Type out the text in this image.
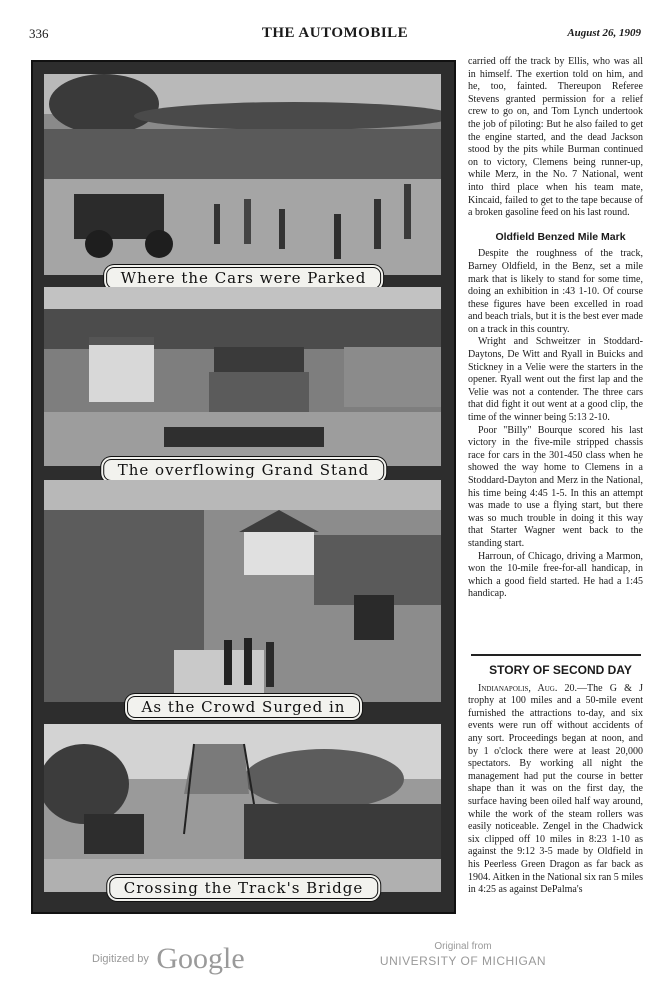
336	THE AUTOMOBILE	August 26, 1909
Where the Cars were Parked
The overflowing Grand Stand
As the Crowd Surged in
Crossing the Track's Bridge

carried off the track by Ellis, who was all in himself. The exertion told on him, and he, too, fainted. Thereupon Referee Stevens granted permission for a relief crew to go on, and Tom Lynch undertook the job of piloting: But he also failed to get the engine started, and the dead Jackson stood by the pits while Burman continued on to victory, Clemens being runner-up, while Merz, in the No. 7 National, went into third place when his team mate, Kincaid, failed to get to the tape because of a broken gasoline feed on his last round.

Oldfield Benzed Mile Mark

Despite the roughness of the track, Barney Oldfield, in the Benz, set a mile mark that is likely to stand for some time, doing an exhibition in :43 1-10. Of course these figures have been excelled in road and beach trials, but it is the best ever made on a track in this country.

Wright and Schweitzer in Stoddard-Daytons, De Witt and Ryall in Buicks and Stickney in a Velie were the starters in the opener. Ryall went out the first lap and the Velie was not a contender. The three cars that did fight it out went at a good clip, the time of the winner being 5:13 2-10.

Poor "Billy" Bourque scored his last victory in the five-mile stripped chassis race for cars in the 301-450 class when he showed the way home to Clemens in a Stoddard-Dayton and Merz in the National, his time being 4:45 1-5. In this an attempt was made to use a flying start, but there was so much trouble in doing it this way that Starter Wagner went back to the standing start.

Harroun, of Chicago, driving a Marmon, won the 10-mile free-for-all handicap, in which a good field started. He had a 1:45 handicap.

STORY OF SECOND DAY

Indianapolis, Aug. 20.—The G & J trophy at 100 miles and a 50-mile event furnished the attractions to-day, and six events were run off without accidents of any sort. Proceedings began at noon, and by 1 o'clock there were at least 20,000 spectators. By working all night the management had put the course in better shape than it was on the first day, the surface having been oiled half way around, while the work of the steam rollers was easily noticeable. Zengel in the Chadwick six clipped off 10 miles in 8:23 1-10 as against the 9:12 3-5 made by Oldfield in his Peerless Green Dragon as far back as 1904. Aitken in the National six ran 5 miles in 4:25 as against DePalma's

Digitized by Google	Original from
UNIVERSITY OF MICHIGAN
